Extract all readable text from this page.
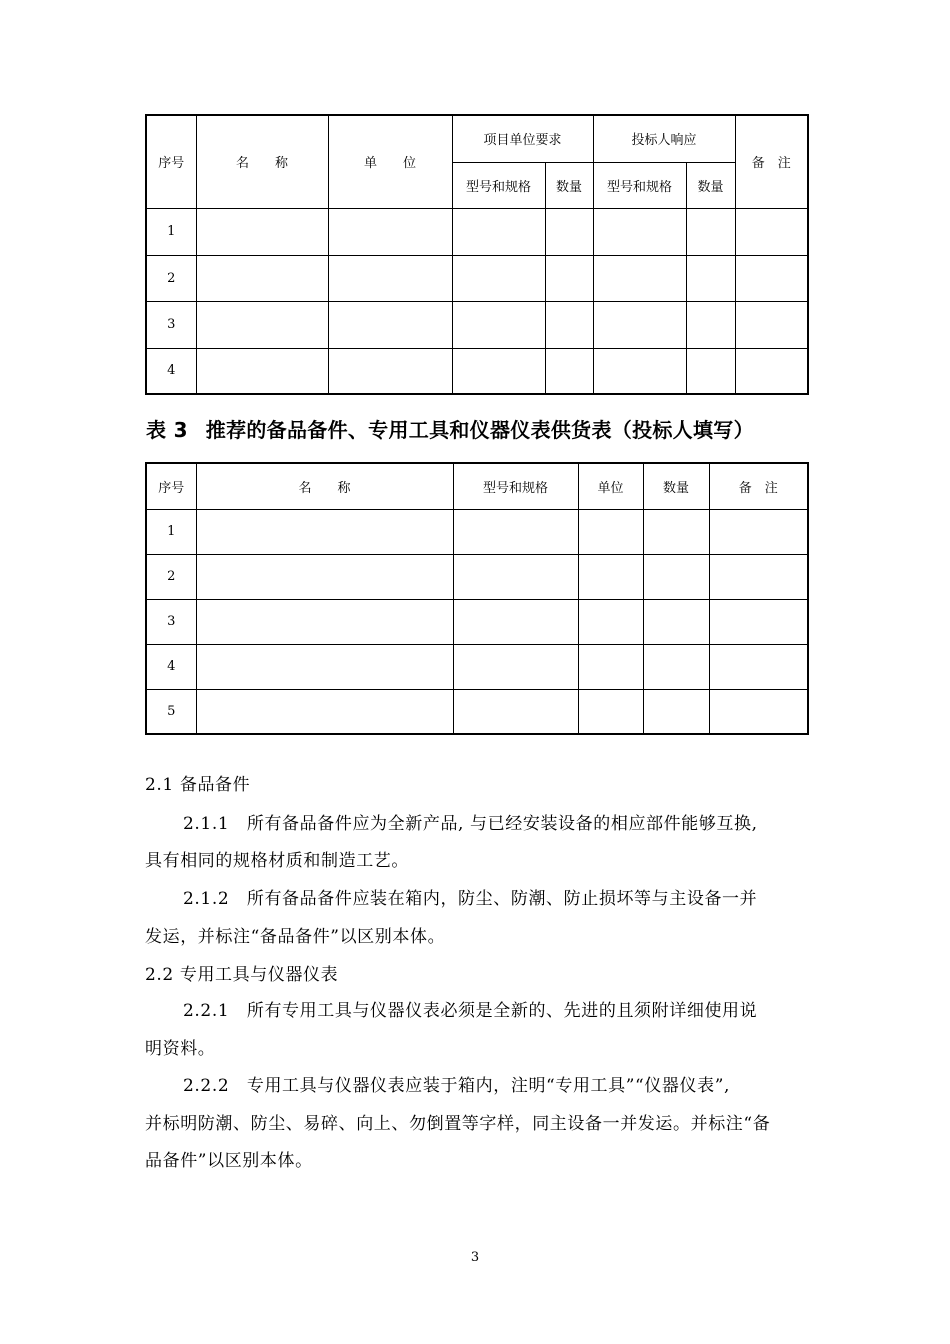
序号	名　　称	单　　位	项目单位要求		投标人响应		备　注
			型号和规格	数量	型号和规格	数量	
1							
2							
3							
4							
表 3 推荐的备品备件、专用工具和仪器仪表供货表（投标人填写）
序号	名　　称	型号和规格	单位	数量	备　注
1					
2					
3					
4					
5					
2.1 备品备件
2.1.1　所有备品备件应为全新产品, 与已经安装设备的相应部件能够互换,
具有相同的规格材质和制造工艺。
2.1.2　所有备品备件应装在箱内，防尘、防潮、防止损坏等与主设备一并
发运，并标注“备品备件”以区别本体。
2.2 专用工具与仪器仪表
2.2.1　所有专用工具与仪器仪表必须是全新的、先进的且须附详细使用说
明资料。
2.2.2　专用工具与仪器仪表应装于箱内，注明“专用工具”“仪器仪表”,
并标明防潮、防尘、易碎、向上、勿倒置等字样，同主设备一并发运。并标注“备
品备件”以区别本体。
3
